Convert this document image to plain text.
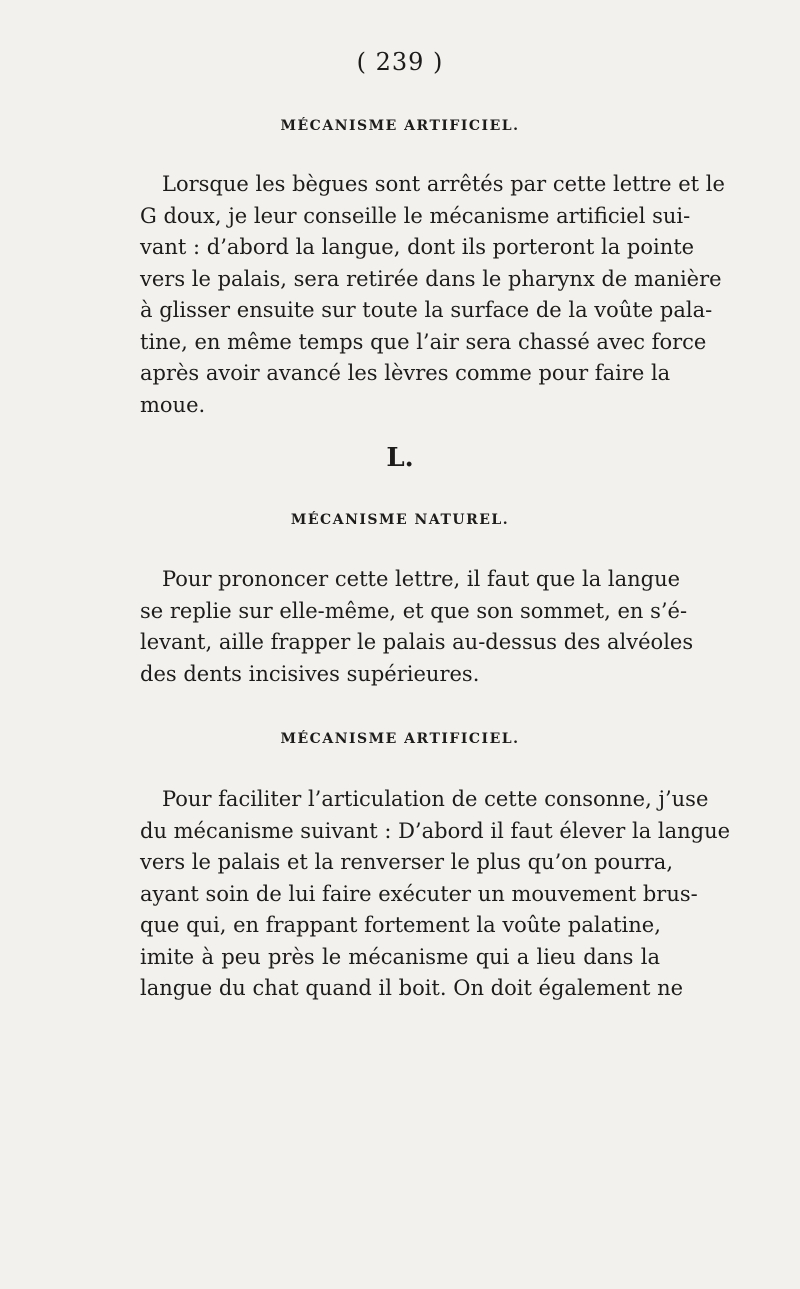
( 239 )
MÉCANISME ARTIFICIEL.
Lorsque les bègues sont arrêtés par cette lettre et le
G doux, je leur conseille le mécanisme artificiel sui-
vant : d’abord la langue, dont ils porteront la pointe
vers le palais, sera retirée dans le pharynx de manière
à glisser ensuite sur toute la surface de la voûte pala-
tine, en même temps que l’air sera chassé avec force
après avoir avancé les lèvres comme pour faire la
moue.
L.
MÉCANISME NATUREL.
Pour prononcer cette lettre, il faut que la langue
se replie sur elle-même, et que son sommet, en s’é-
levant, aille frapper le palais au-dessus des alvéoles
des dents incisives supérieures.
MÉCANISME ARTIFICIEL.
Pour faciliter l’articulation de cette consonne, j’use
du mécanisme suivant : D’abord il faut élever la langue
vers le palais et la renverser le plus qu’on pourra,
ayant soin de lui faire exécuter un mouvement brus-
que qui, en frappant fortement la voûte palatine,
imite à peu près le mécanisme qui a lieu dans la
langue du chat quand il boit. On doit également ne
